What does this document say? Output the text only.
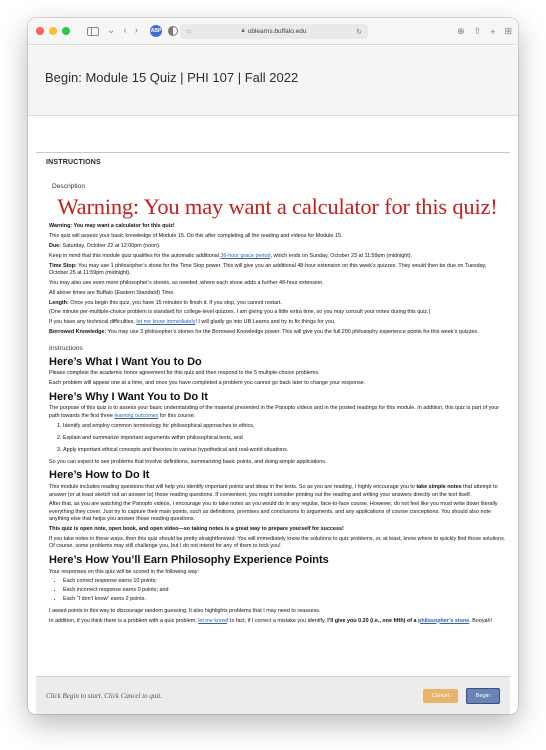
⌄ ‹ ›	ABP	▭	🔒︎ ublearns.buffalo.edu	↻	⊕ ⇧ + ⊞
Begin: Module 15 Quiz | PHI 107 | Fall 2022
INSTRUCTIONS
Description
Warning: You may want a calculator for this quiz!

Warning: You may want a calculator for this quiz!

This quiz will assess your basic knowledge of Module 15. Do this after completing all the reading and videos for Module 15.

Due: Saturday, October 22 at 12:00pm (noon).

Keep in mind that this module quiz qualifies for the automatic additional 36-hour grace period, which ends on Sunday, October 23 at 11:59pm (midnight).

Time Stop: You may use 1 philosopher’s stone for the Time Stop power. This will give you an additional 48-hour extension on this week’s quizzes. They would then be due on Tuesday, October 25 at 11:59pm (midnight).

You may also use even more philosopher’s stones, as needed, where each stone adds a further 48-hour extension.

All above times are Buffalo (Eastern Standard) Time.

Length: Once you begin this quiz, you have 15 minutes to finish it. If you stop, you cannot restart.

(One minute per-multiple-choice problem is standard for college-level quizzes. I am giving you a little extra time, so you may consult your notes during this quiz.)

If you have any technical difficulties, let me know immediately! I will gladly go into UB Learns and try to fix things for you.

Borrowed Knowledge: You may use 3 philosopher’s stones for the Borrowed Knowledge power. This will give you the full 200 philosophy experience points for this week’s quizzes.

Instructions
Here’s What I Want You to Do

Please complete the academic honor agreement for this quiz and then respond to the 5 multiple-choice problems.

Each problem will appear one at a time, and once you have completed a problem you cannot go back later to change your response.

Here’s Why I Want You to Do It

The purpose of this quiz is to assess your basic understanding of the material presented in the Panopto videos and in the posted readings for this module. In addition, this quiz is part of your path towards the first three learning outcomes for this course:

1. Identify and employ common terminology for philosophical approaches to ethics,
2. Explain and summarize important arguments within philosophical texts, and
3. Apply important ethical concepts and theories to various hypothetical and real-world situations.

So you can expect to see problems that involve definitions, summarizing basic points, and doing simple applications.

Here’s How to Do It

This module includes reading questions that will help you identify important points and ideas in the texts. So as you are reading, I highly encourage you to take simple notes that attempt to answer (or at least sketch out an answer to) those reading questions. If convenient, you might consider printing out the reading and writing your answers directly on the text itself.

After that, as you are watching the Panopto videos, I encourage you to take notes as you would do in any regular, face-to-face course. However, do not feel like you must write down literally everything they cover. Just try to capture their main points, such as definitions, premises and conclusions to arguments, and any applications of course conceptions. You should also note anything else that helps you answer those reading questions.

This quiz is open note, open book, and open video—so taking notes is a great way to prepare yourself for success!

If you take notes in these ways, then this quiz should be pretty straightforward. You will immediately know the solutions to quiz problems, or, at least, know where to quickly find those solutions. Of course, some problems may still challenge you, but I do not intend for any of them to trick you!

Here’s How You’ll Earn Philosophy Experience Points

Your responses on this quiz will be scored in the following way:

• Each correct response earns 10 points;
• Each incorrect response earns 0 points; and
• Each “I don’t know” earns 2 points.

I award points in this way to discourage random guessing. It also highlights problems that I may need to reassess.

In addition, if you think there is a problem with a quiz problem, let me know! In fact, if I correct a mistake you identify, I’ll give you 0.20 (i.e., one fifth) of a philosopher’s stone. Booyah!

Click Begin to start. Click Cancel to quit.	Cancel	Begin
